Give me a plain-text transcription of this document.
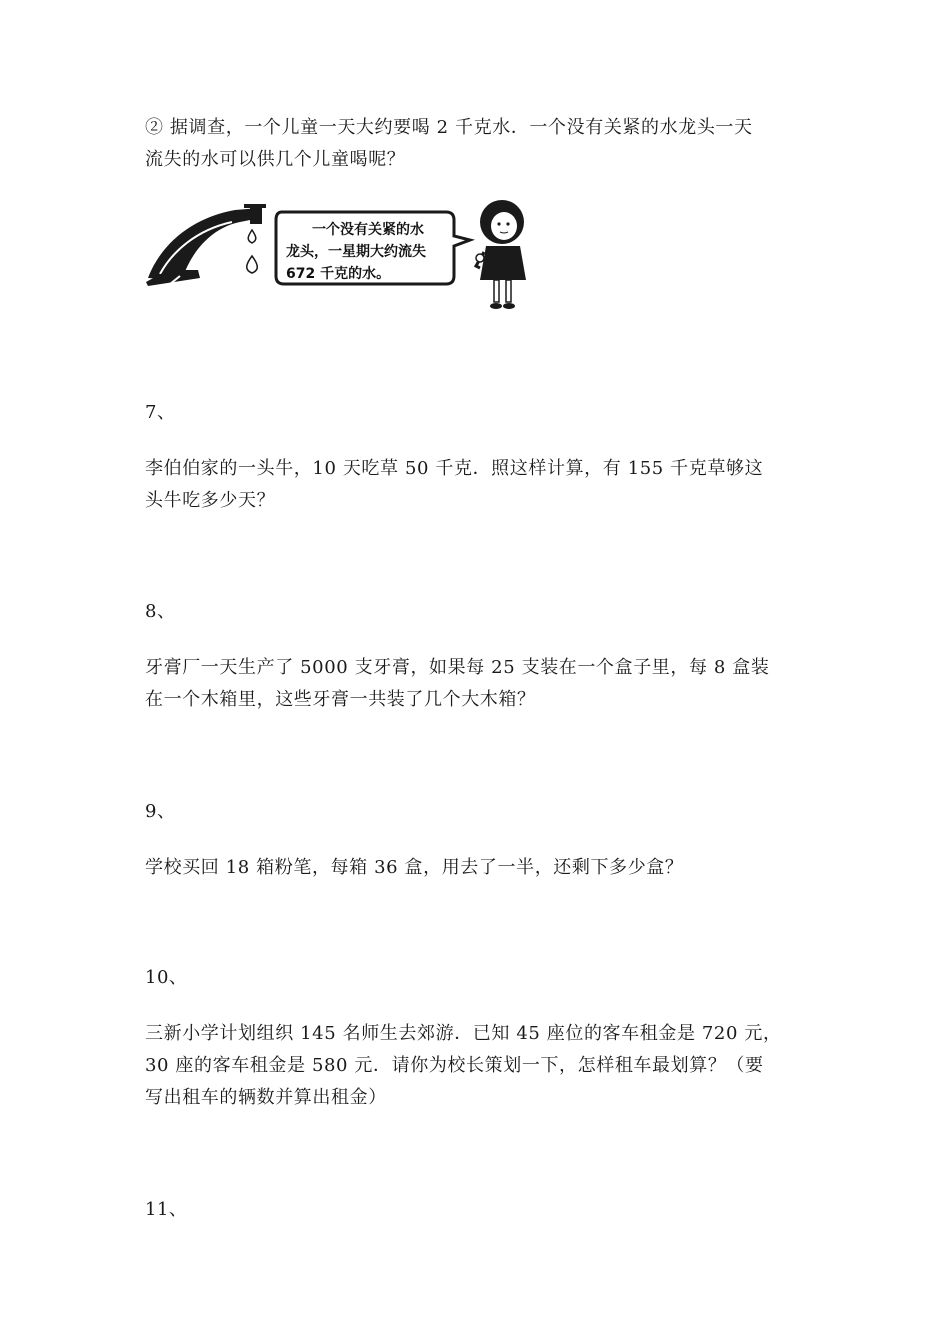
② 据调查，一个儿童一天大约要喝 2 千克水．一个没有关紧的水龙头一天
流失的水可以供几个儿童喝呢？

一个没有关紧的水
龙头，一星期大约流失
672 千克的水。

7、

李伯伯家的一头牛，10 天吃草 50 千克．照这样计算，有 155 千克草够这
头牛吃多少天？

8、

牙膏厂一天生产了 5000 支牙膏，如果每 25 支装在一个盒子里，每 8 盒装
在一个木箱里，这些牙膏一共装了几个大木箱？

9、

学校买回 18 箱粉笔，每箱 36 盒，用去了一半，还剩下多少盒？

10、

三新小学计划组织 145 名师生去郊游．已知 45 座位的客车租金是 720 元，
30 座的客车租金是 580 元．请你为校长策划一下，怎样租车最划算？（要
写出租车的辆数并算出租金）

11、
